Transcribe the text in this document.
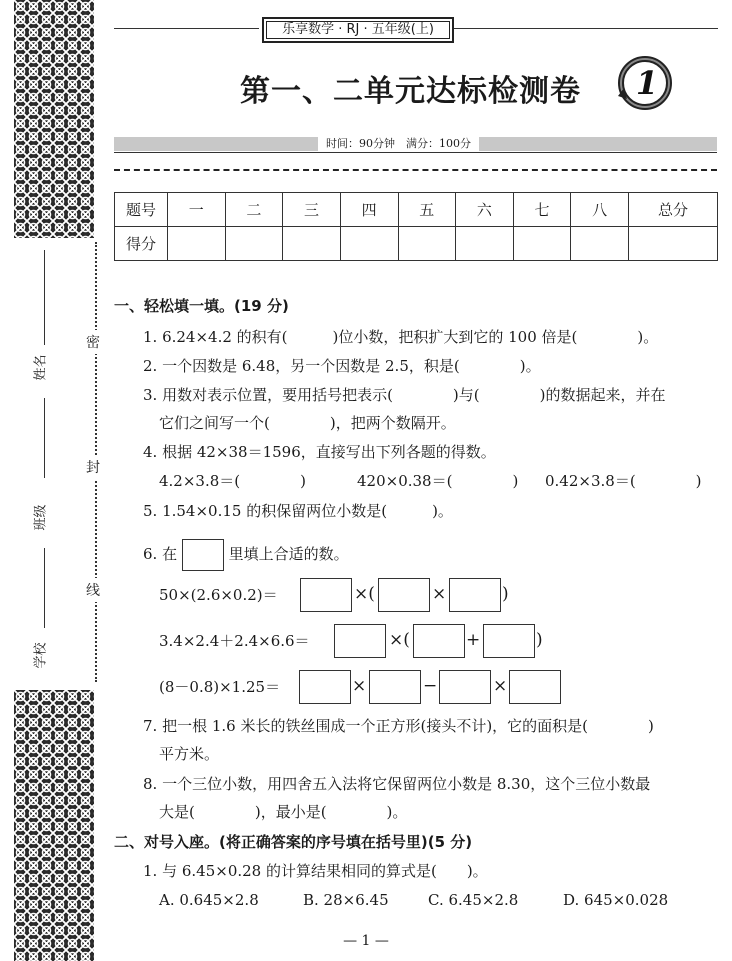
姓名
班级
学校
密
封
线
乐享数学 · RJ · 五年级(上)
第一、二单元达标检测卷 1
时间：90分钟　满分：100分
题号	一	二	三	四	五	六	七	八	总分
得分									
一、轻松填一填。(19 分)
1. 6.24×4.2 的积有(　　　)位小数，把积扩大到它的 100 倍是(　　　　)。
2. 一个因数是 6.48，另一个因数是 2.5，积是(　　　　)。
3. 用数对表示位置，要用括号把表示(　　　　)与(　　　　)的数据起来，并在
它们之间写一个(　　　　)，把两个数隔开。
4. 根据 42×38＝1596，直接写出下列各题的得数。
4.2×3.8＝(　　　　)	420×0.38＝(　　　　) 0.42×3.8＝(　　　　)
5. 1.54×0.15 的积保留两位小数是(　　　)。
6. 在	里填上合适的数。
50×(2.6×0.2)＝	×(	×	)
3.4×2.4＋2.4×6.6＝	×(	+	)
(8－0.8)×1.25＝	×	−	×
7. 把一根 1.6 米长的铁丝围成一个正方形(接头不计)，它的面积是(　　　　)
平方米。
8. 一个三位小数，用四舍五入法将它保留两位小数是 8.30，这个三位小数最
大是(　　　　)，最小是(　　　　)。
二、对号入座。(将正确答案的序号填在括号里)(5 分)
1. 与 6.45×0.28 的计算结果相同的算式是(　　)。
A. 0.645×2.8	B. 28×6.45	C. 6.45×2.8	D. 645×0.028
— 1 —
